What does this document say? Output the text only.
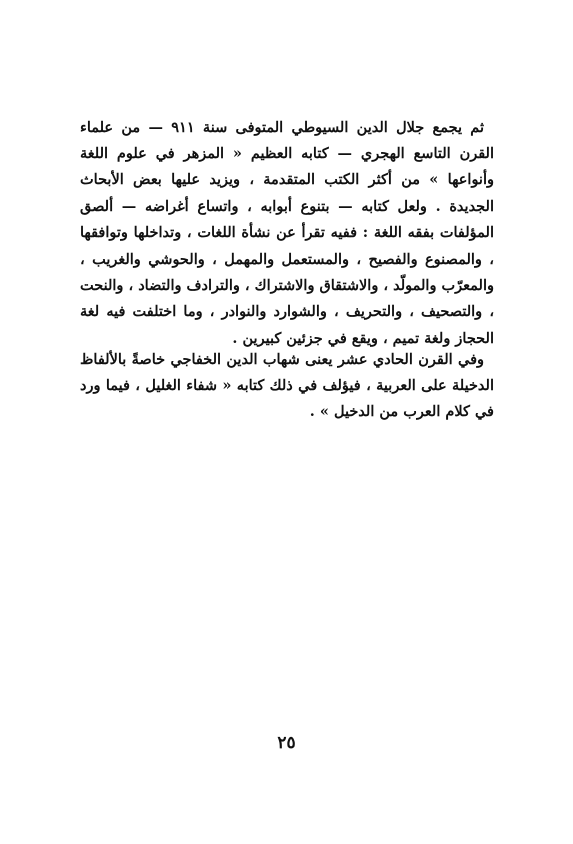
ثم يجمع جلال الدين السيوطي المتوفى سنة ٩١١ — من علماء القرن التاسع الهجري — كتابه العظيم « المزهر في علوم اللغة وأنواعها » من أكثر الكتب المتقدمة ، ويزيد عليها بعض الأبحاث الجديدة . ولعل كتابه — بتنوع أبوابه ، واتساع أغراضه — ألصق المؤلفات بفقه اللغة : ففيه تقرأ عن نشأة اللغات ، وتداخلها وتوافقها ، والمصنوع والفصيح ، والمستعمل والمهمل ، والحوشي والغريب ، والمعرّب والمولّد ، والاشتقاق والاشتراك ، والترادف والتضاد ، والنحت ، والتصحيف ، والتحريف ، والشوارد والنوادر ، وما اختلفت فيه لغة الحجاز ولغة تميم ، ويقع في جزئين كبيرين .

وفي القرن الحادي عشر يعنى شهاب الدين الخفاجي خاصةً بالألفاظ الدخيلة على العربية ، فيؤلف في ذلك كتابه « شفاء الغليل ، فيما ورد في كلام العرب من الدخيل » .

٢٥
